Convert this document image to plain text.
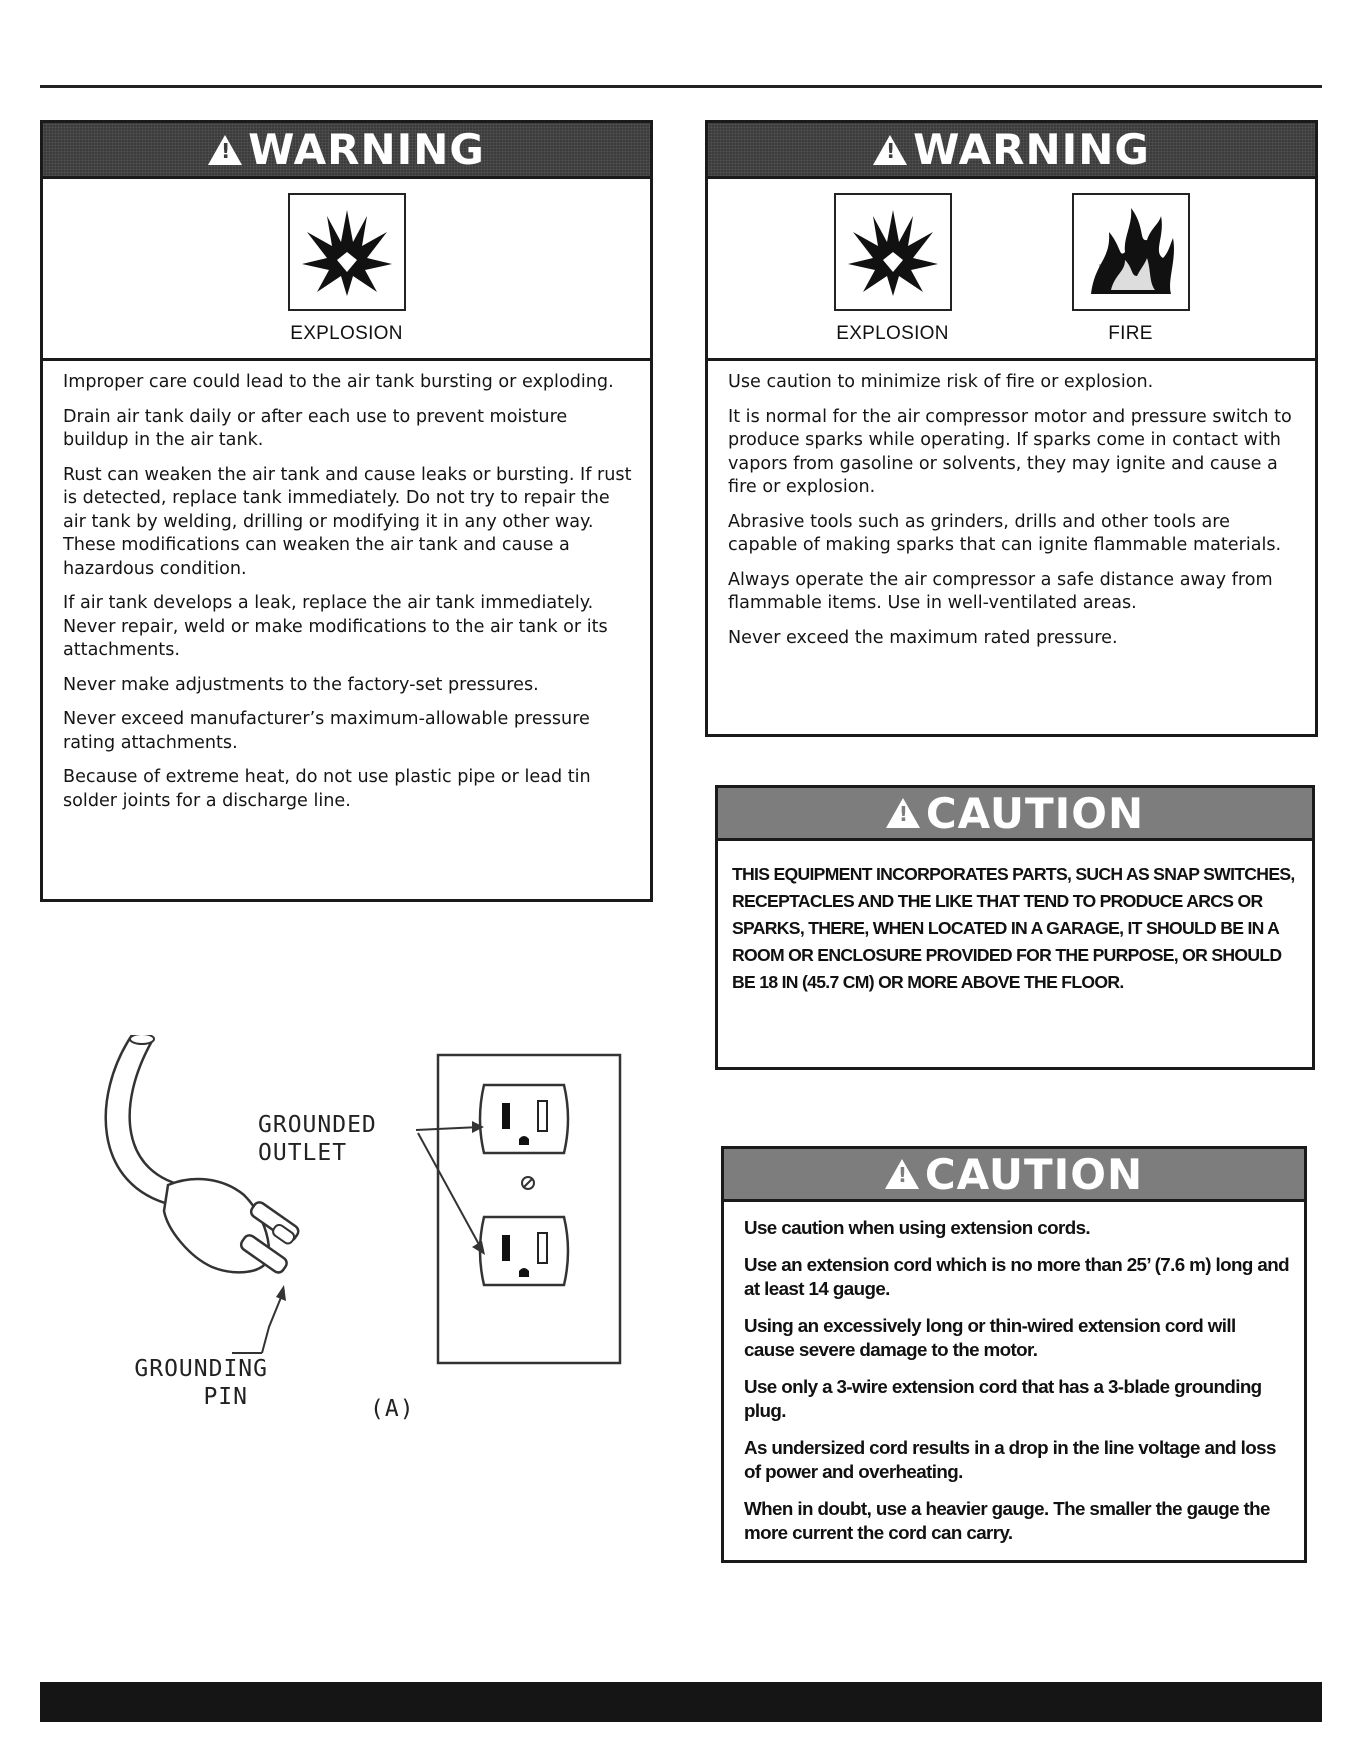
!
WARNING
EXPLOSION

Improper care could lead to the air tank bursting or exploding.

Drain air tank daily or after each use to prevent moisture buildup in the air tank.

Rust can weaken the air tank and cause leaks or bursting. If rust is detected, replace tank immediately. Do not try to repair the air tank by welding, drilling or modifying it in any other way. These modifications can weaken the air tank and cause a hazardous condition.

If air tank develops a leak, replace the air tank immediately. Never repair, weld or make modifications to the air tank or its attachments.

Never make adjustments to the factory-set pressures.

Never exceed manufacturer’s maximum-allowable pressure rating attachments.

Because of extreme heat, do not use plastic pipe or lead tin solder joints for a discharge line.

!
WARNING
EXPLOSION	FIRE

Use caution to minimize risk of fire or explosion.

It is normal for the air compressor motor and pressure switch to produce sparks while operating. If sparks come in contact with vapors from gasoline or solvents, they may ignite and cause a fire or explosion.

Abrasive tools such as grinders, drills and other tools are capable of making sparks that can ignite flammable materials.

Always operate the air compressor a safe distance away from flammable items. Use in well-ventilated areas.

Never exceed the maximum rated pressure.

!
CAUTION
THIS EQUIPMENT INCORPORATES PARTS, SUCH AS SNAP SWITCHES, RECEPTACLES AND THE LIKE THAT TEND TO PRODUCE ARCS OR SPARKS, THERE, WHEN LOCATED IN A GARAGE, IT SHOULD BE IN A ROOM OR ENCLOSURE PROVIDED FOR THE PURPOSE, OR SHOULD BE 18 IN (45.7 CM) OR MORE ABOVE THE FLOOR.
!
CAUTION

Use caution when using extension cords.

Use an extension cord which is no more than 25’ (7.6 m) long and at least 14 gauge.

Using an excessively long or thin-wired extension cord will cause severe damage to the motor.

Use only a 3-wire extension cord that has a 3-blade grounding plug.

As undersized cord results in a drop in the line voltage and loss of power and overheating.

When in doubt, use a heavier gauge. The smaller the gauge the more current the cord can carry.

GROUNDED
OUTLET
GROUNDING
PIN	(A)
